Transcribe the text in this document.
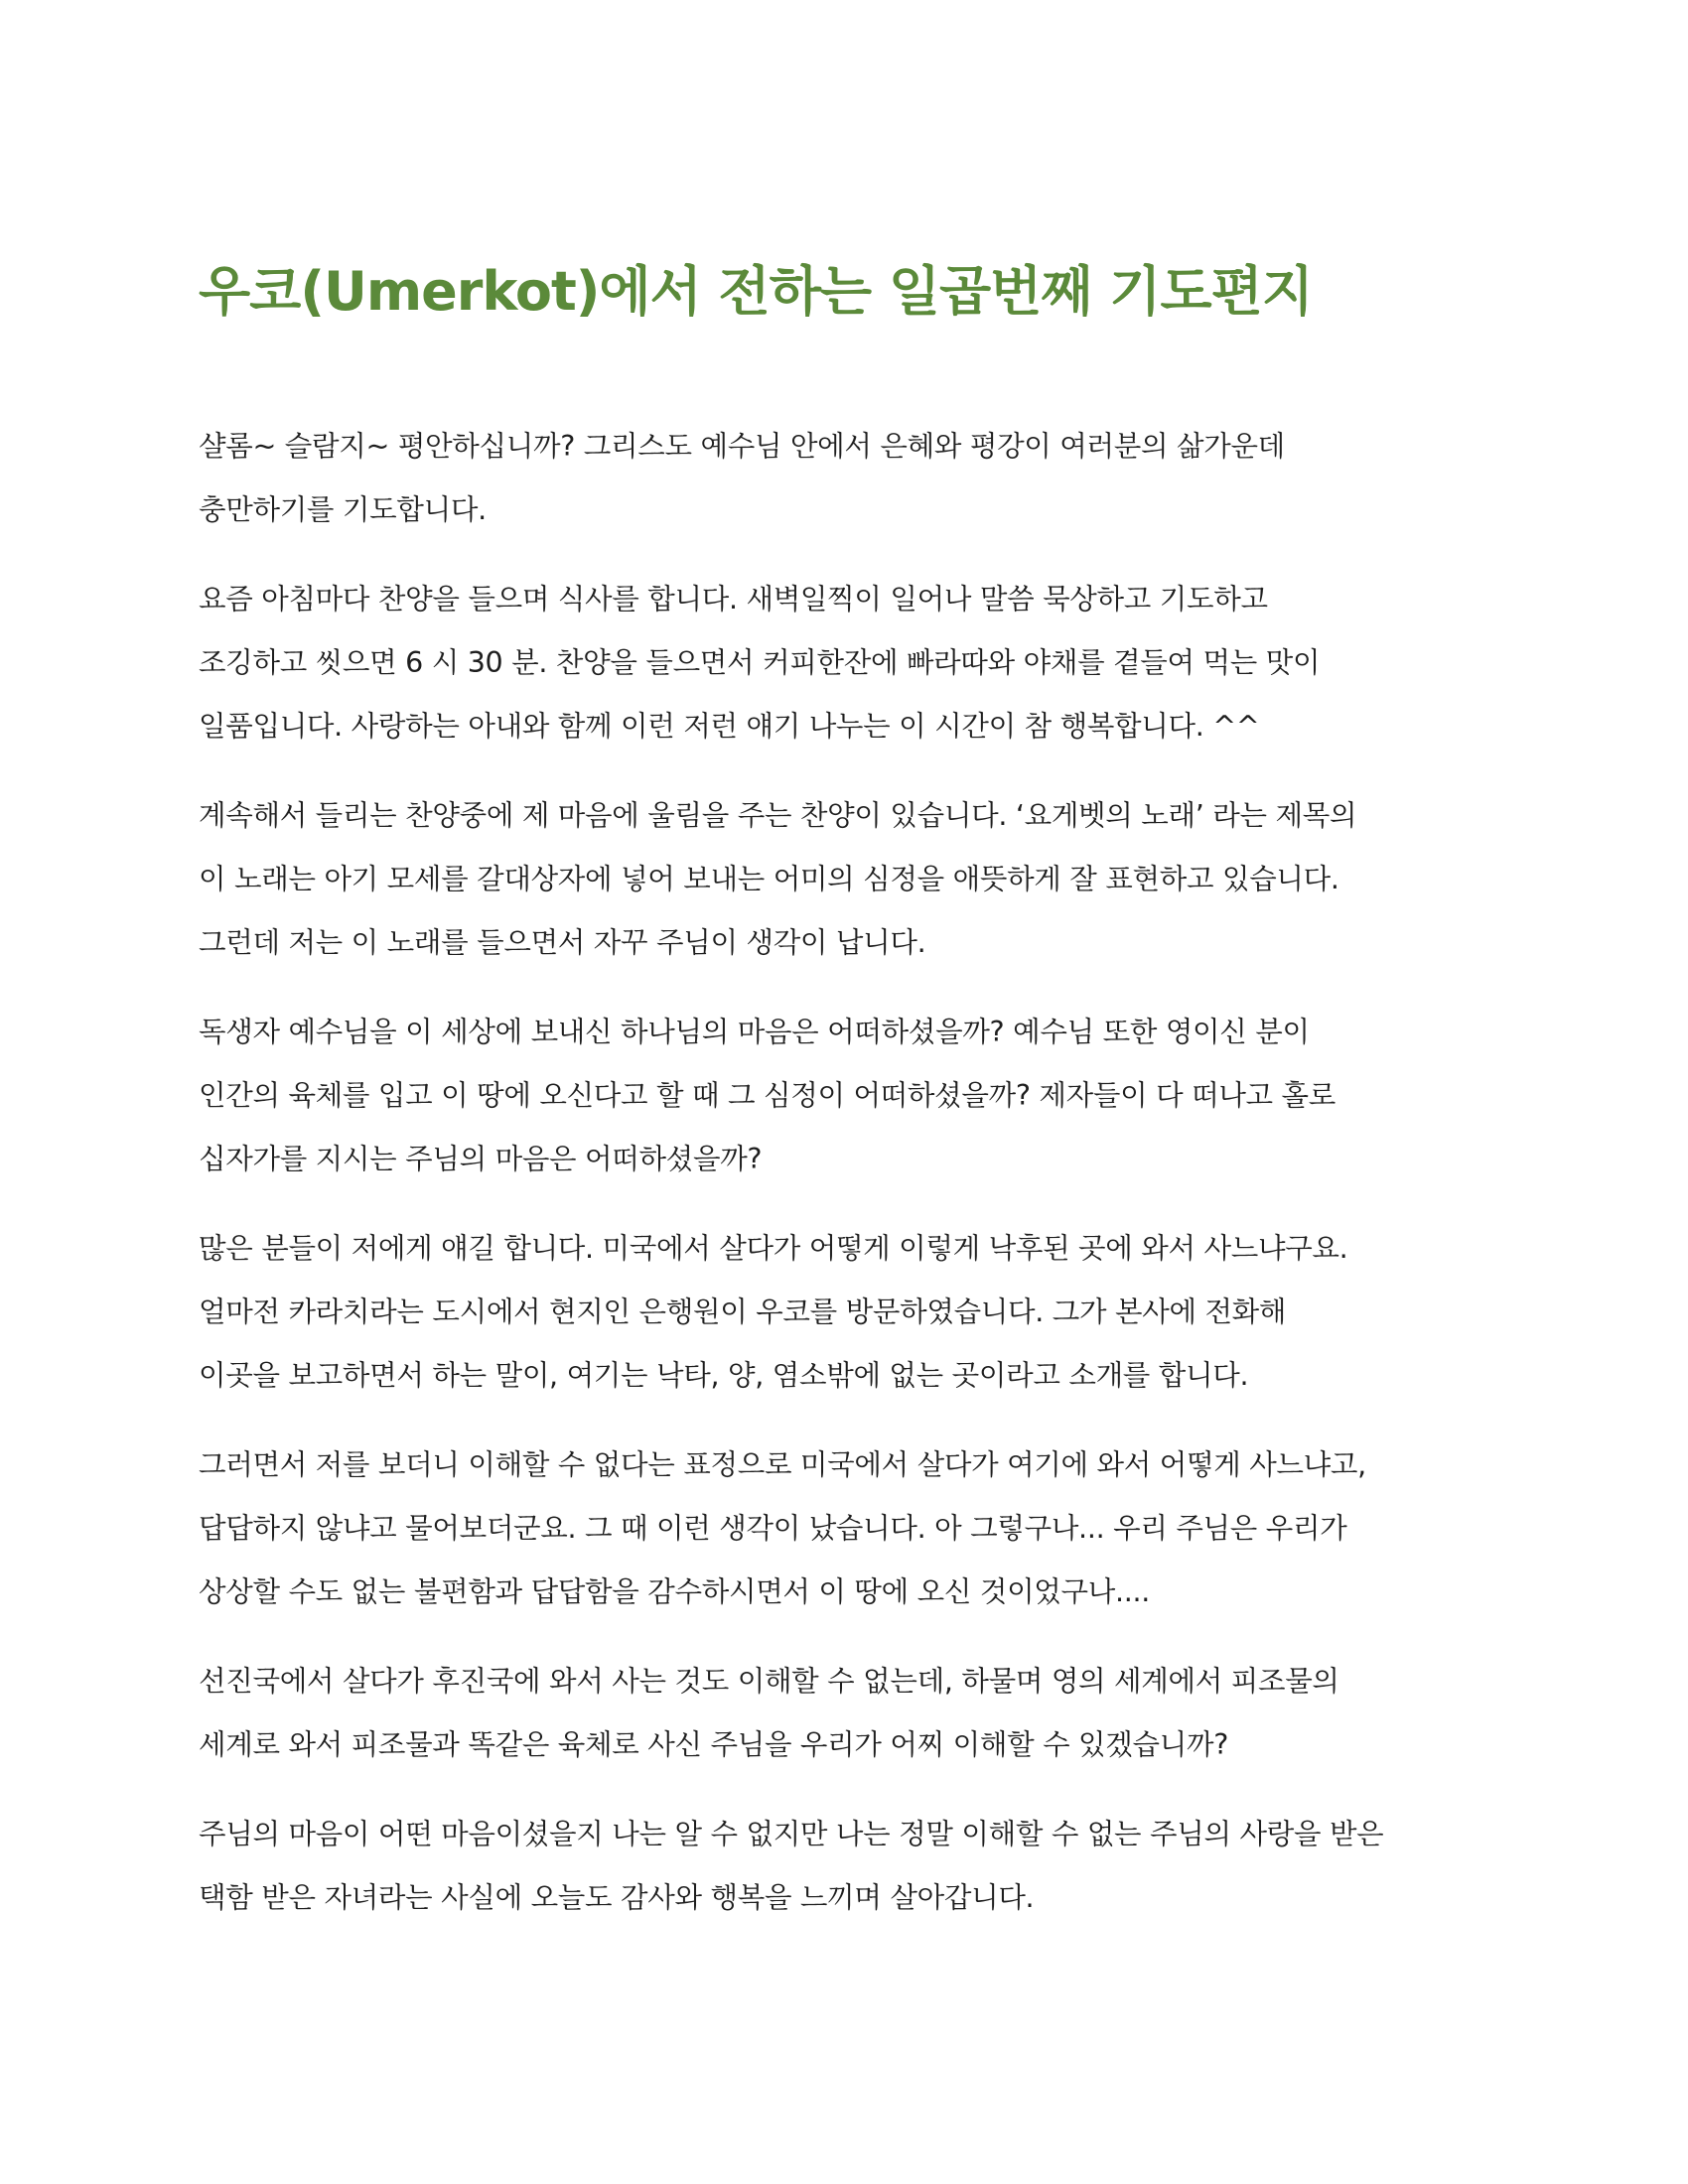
우코(Umerkot)에서 전하는 일곱번째 기도편지
샬롬~ 슬람지~ 평안하십니까? 그리스도 예수님 안에서 은혜와 평강이 여러분의 삶가운데
충만하기를 기도합니다.
요즘 아침마다 찬양을 들으며 식사를 합니다. 새벽일찍이 일어나 말씀 묵상하고 기도하고
조깅하고 씻으면 6 시 30 분. 찬양을 들으면서 커피한잔에 빠라따와 야채를 곁들여 먹는 맛이
일품입니다. 사랑하는 아내와 함께 이런 저런 얘기 나누는 이 시간이 참 행복합니다. ^^
계속해서 들리는 찬양중에 제 마음에 울림을 주는 찬양이 있습니다. ‘요게벳의 노래’ 라는 제목의
이 노래는 아기 모세를 갈대상자에 넣어 보내는 어미의 심정을 애뜻하게 잘 표현하고 있습니다.
그런데 저는 이 노래를 들으면서 자꾸 주님이 생각이 납니다.
독생자 예수님을 이 세상에 보내신 하나님의 마음은 어떠하셨을까? 예수님 또한 영이신 분이
인간의 육체를 입고 이 땅에 오신다고 할 때 그 심정이 어떠하셨을까? 제자들이 다 떠나고 홀로
십자가를 지시는 주님의 마음은 어떠하셨을까?
많은 분들이 저에게 얘길 합니다. 미국에서 살다가 어떻게 이렇게 낙후된 곳에 와서 사느냐구요.
얼마전 카라치라는 도시에서 현지인 은행원이 우코를 방문하였습니다. 그가 본사에 전화해
이곳을 보고하면서 하는 말이, 여기는 낙타, 양, 염소밖에 없는 곳이라고 소개를 합니다.
그러면서 저를 보더니 이해할 수 없다는 표정으로 미국에서 살다가 여기에 와서 어떻게 사느냐고,
답답하지 않냐고 물어보더군요. 그 때 이런 생각이 났습니다. 아 그렇구나... 우리 주님은 우리가
상상할 수도 없는 불편함과 답답함을 감수하시면서 이 땅에 오신 것이었구나....
선진국에서 살다가 후진국에 와서 사는 것도 이해할 수 없는데, 하물며 영의 세계에서 피조물의
세계로 와서 피조물과 똑같은 육체로 사신 주님을 우리가 어찌 이해할 수 있겠습니까?
주님의 마음이 어떤 마음이셨을지 나는 알 수 없지만 나는 정말 이해할 수 없는 주님의 사랑을 받은
택함 받은 자녀라는 사실에 오늘도 감사와 행복을 느끼며 살아갑니다.
